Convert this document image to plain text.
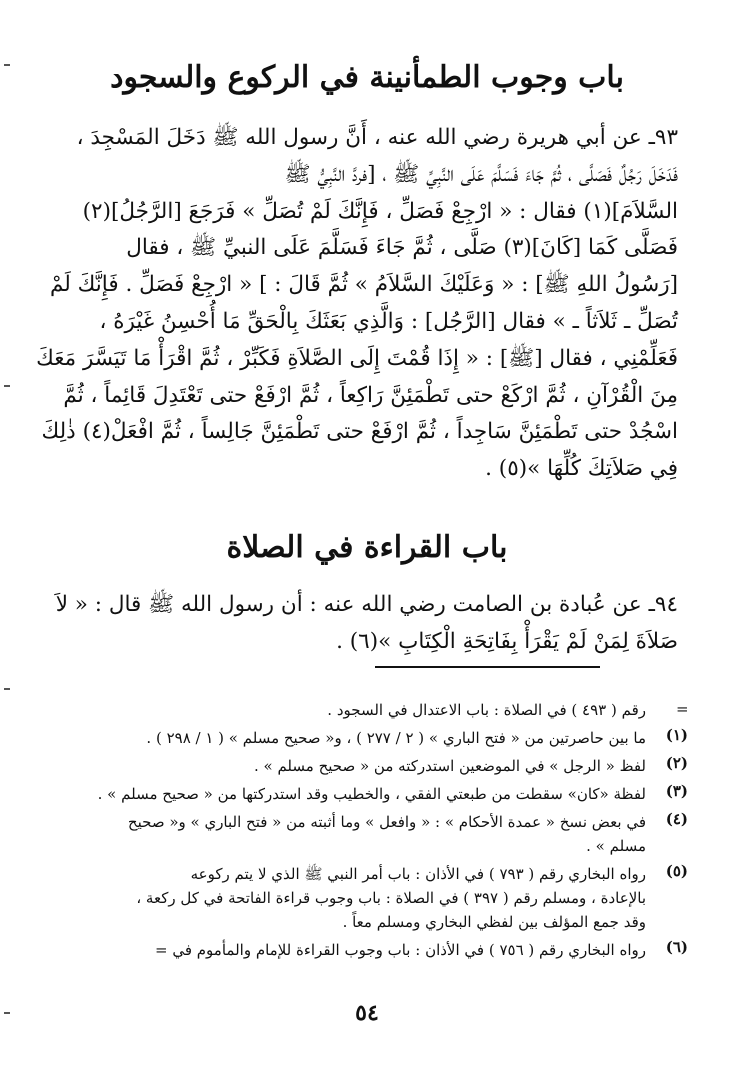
باب وجوب الطمأنينة في الركوع والسجود
٩٣ـ عن أبي هريرة رضي الله عنه ، أَنَّ رسول الله ﷺ دَخَلَ المَسْجِدَ ،
فَدَخَلَ رَجُلٌ فَصَلَّى ، ثُمَّ جَاءَ فَسَلَّمَ عَلَى النَّبِيِّ ﷺ ، [فردَّ النَّبِيُّ ﷺ
السَّلاَمَ](١) فقال : « ارْجِعْ فَصَلِّ ، فَإِنَّكَ لَمْ تُصَلِّ » فَرَجَعَ [الرَّجُلُ](٢)
فَصَلَّى كَمَا [كَانَ](٣) صَلَّى ، ثُمَّ جَاءَ فَسَلَّمَ عَلَى النبيِّ ﷺ ، فقال
[رَسُولُ اللهِ ﷺ] : « وَعَلَيْكَ السَّلاَمُ » ثُمَّ قَالَ : ] « ارْجِعْ فَصَلِّ . فَإِنَّكَ لَمْ
تُصَلِّ ـ ثَلاَثاً ـ » فقال [الرَّجُل] : وَالَّذِي بَعَثَكَ بِالْحَقِّ مَا أُحْسِنُ غَيْرَهُ ،
فَعَلِّمْنِي ، فقال [ﷺ] : « إِذَا قُمْتَ إِلَى الصَّلاَةِ فَكَبِّرْ ، ثُمَّ اقْرَأْ مَا تَيَسَّرَ مَعَكَ
مِنَ الْقُرْآنِ ، ثُمَّ ارْكَعْ حتى تَطْمَئِنَّ رَاكِعاً ، ثُمَّ ارْفَعْ حتى تَعْتَدِلَ قَائِماً ، ثُمَّ
اسْجُدْ حتى تَطْمَئِنَّ سَاجِداً ، ثُمَّ ارْفَعْ حتى تَطْمَئِنَّ جَالِساً ، ثُمَّ افْعَلْ(٤) ذٰلِكَ
فِي صَلاَتِكَ كُلِّهَا »(٥) .
باب القراءة في الصلاة
٩٤ـ عن عُبادة بن الصامت رضي الله عنه : أن رسول الله ﷺ قال : « لاَ
صَلاَةَ لِمَنْ لَمْ يَقْرَأْ بِفَاتِحَةِ الْكِتَابِ »(٦) .
=
رقم ( ٤٩٣ ) في الصلاة : باب الاعتدال في السجود .
(١)
ما بين حاصرتين من « فتح الباري » ( ٢ / ٢٧٧ ) ، و« صحيح مسلم » ( ١ / ٢٩٨ ) .
(٢)
لفظ « الرجل » في الموضعين استدركته من « صحيح مسلم » .
(٣)
لفظة «كان» سقطت من طبعتي الفقي ، والخطيب وقد استدركتها من « صحيح مسلم » .
(٤)
في بعض نسخ « عمدة الأحكام » : « وافعل » وما أثبته من « فتح الباري » و« صحيح
مسلم » .
(٥)
رواه البخاري رقم ( ٧٩٣ ) في الأذان : باب أمر النبي ﷺ الذي لا يتم ركوعه
بالإعادة ، ومسلم رقم ( ٣٩٧ ) في الصلاة : باب وجوب قراءة الفاتحة في كل ركعة ،
وقد جمع المؤلف بين لفظي البخاري ومسلم معاً .
(٦)
رواه البخاري رقم ( ٧٥٦ ) في الأذان : باب وجوب القراءة للإمام والمأموم في =
٥٤
